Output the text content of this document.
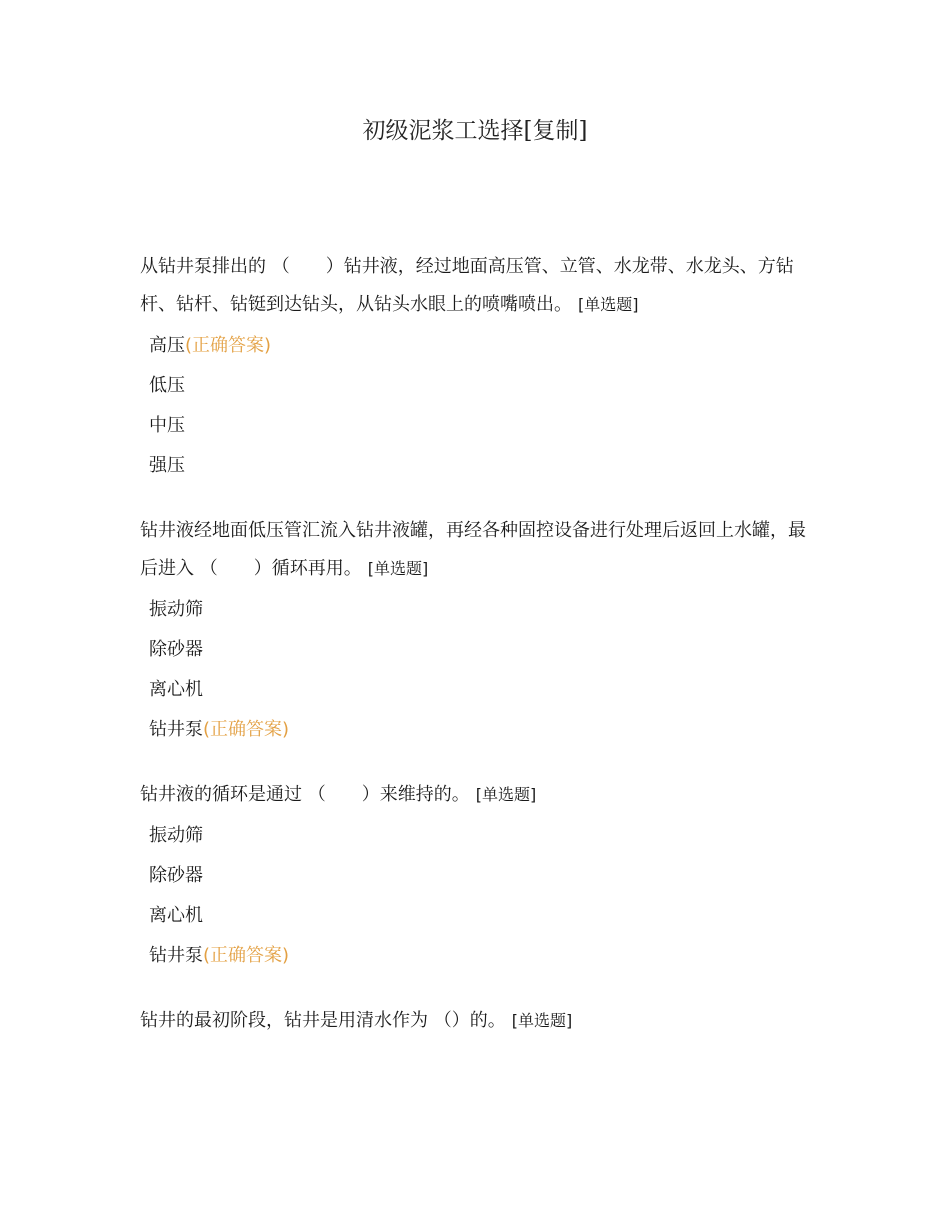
初级泥浆工选择[复制]
从钻井泵排出的 （　　）钻井液，经过地面高压管、立管、水龙带、水龙头、方钻杆、钻杆、钻铤到达钻头，从钻头水眼上的喷嘴喷出。 [单选题]
高压(正确答案)
低压
中压
强压
钻井液经地面低压管汇流入钻井液罐，再经各种固控设备进行处理后返回上水罐，最后进入 （　　）循环再用。 [单选题]
振动筛
除砂器
离心机
钻井泵(正确答案)
钻井液的循环是通过 （　　）来维持的。 [单选题]
振动筛
除砂器
离心机
钻井泵(正确答案)
钻井的最初阶段，钻井是用清水作为 （）的。 [单选题]
